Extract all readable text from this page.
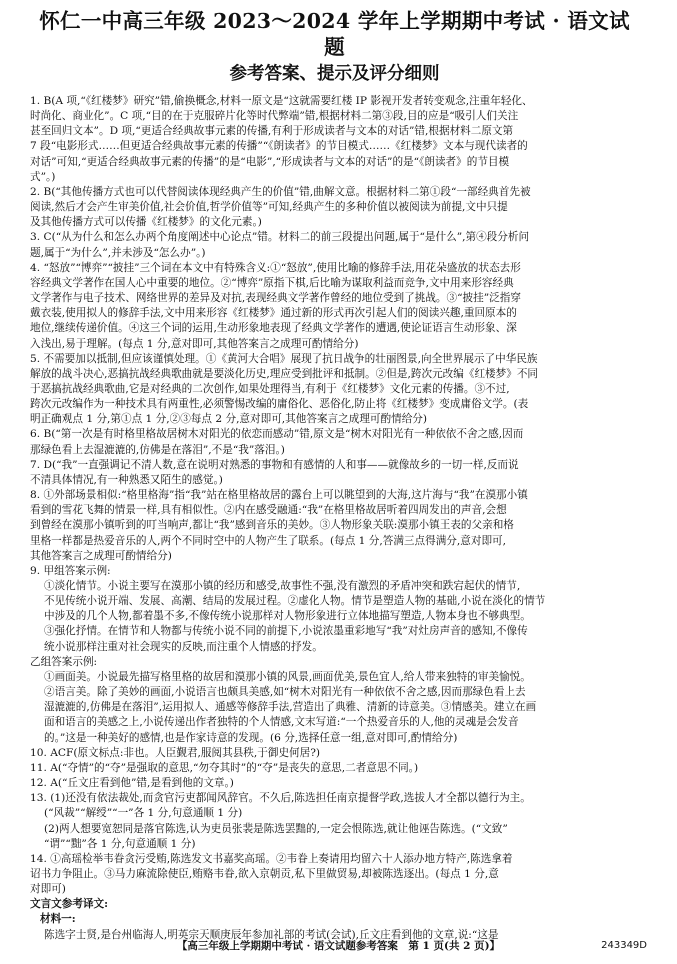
怀仁一中高三年级 2023～2024 学年上学期期中考试 · 语文试题
参考答案、提示及评分细则
1. B(A 项,“《红楼梦》研究”错,偷换概念,材料一原文是“这就需要红楼 IP 影视开发者转变观念,注重年轻化、
时尚化、商业化”。C 项,“目的在于克服碎片化等时代弊端”错,根据材料二第③段,目的应是“吸引人们关注
甚至回归文本”。D 项,“更适合经典故事元素的传播,有利于形成读者与文本的对话”错,根据材料二原文第
7 段“电影形式……但更适合经典故事元素的传播”“《朗读者》的节目模式……《红楼梦》文本与现代读者的
对话”可知,“更适合经典故事元素的传播”的是“电影”,“形成读者与文本的对话”的是“《朗读者》的节目模
式”。)
2. B(“其他传播方式也可以代替阅读体现经典产生的价值”错,曲解文意。根据材料二第①段“一部经典首先被
阅读,然后才会产生审美价值,社会价值,哲学价值等”可知,经典产生的多种价值以被阅读为前提,文中只提
及其他传播方式可以传播《红楼梦》的文化元素。)
3. C(“从为什么和怎么办两个角度阐述中心论点”错。材料二的前三段提出问题,属于“是什么”,第④段分析问
题,属于“为什么”,并未涉及“怎么办”。)
4. “怒放”“博弈”“披挂”三个词在本文中有特殊含义:①“怒放”,使用比喻的修辞手法,用花朵盛放的状态去形
容经典文学著作在国人心中重要的地位。②“博弈”原指下棋,后比喻为谋取利益而竞争,文中用来形容经典
文学著作与电子技术、网络世界的差异及对抗,表现经典文学著作曾经的地位受到了挑战。③“披挂”泛指穿
戴衣装,使用拟人的修辞手法,文中用来形容《红楼梦》通过新的形式再次引起人们的阅读兴趣,重回原本的
地位,继续传递价值。④这三个词的运用,生动形象地表现了经典文学著作的遭遇,使论证语言生动形象、深
入浅出,易于理解。(每点 1 分,意对即可,其他答案言之成理可酌情给分)
5. 不需要加以抵制,但应该谨慎处理。①《黄河大合唱》展现了抗日战争的壮丽图景,向全世界展示了中华民族
解放的战斗决心,恶搞抗战经典歌曲就是要淡化历史,理应受到批评和抵制。②但是,跨次元改编《红楼梦》不同
于恶搞抗战经典歌曲,它是对经典的二次创作,如果处理得当,有利于《红楼梦》文化元素的传播。③不过,
跨次元改编作为一种技术具有两重性,必须警惕改编的庸俗化、恶俗化,防止将《红楼梦》变成庸俗文学。(表
明正确观点 1 分,第①点 1 分,②③每点 2 分,意对即可,其他答案言之成理可酌情给分)
6. B(“第一次是有时格里格故居树木对阳光的依恋而感动”错,原文是“树木对阳光有一种依依不舍之感,因而
那绿色看上去湿漉漉的,仿佛是在落泪”,不是“我”落泪。)
7. D(“我”一直强调记不清人数,意在说明对熟悉的事物和有感情的人和事——就像故乡的一切一样,反而说
不清具体情况,有一种熟悉又陌生的感觉。)
8. ①外部场景相似:“格里格海”指“我”站在格里格故居的露台上可以眺望到的大海,这片海与“我”在漠那小镇
看到的雪花飞舞的情景一样,具有相似性。②内在感受融通:“我”在格里格故居听着四周发出的声音,会想
到曾经在漠那小镇听到的叮当响声,都让“我”感到音乐的美妙。③人物形象关联:漠那小镇王表的父亲和格
里格一样都是热爱音乐的人,两个不同时空中的人物产生了联系。(每点 1 分,答满三点得满分,意对即可,
其他答案言之成理可酌情给分)
9. 甲组答案示例:
①淡化情节。小说主要写在漠那小镇的经历和感受,故事性不强,没有激烈的矛盾冲突和跌宕起伏的情节,
不见传统小说开端、发展、高潮、结局的发展过程。②虚化人物。情节是塑造人物的基础,小说在淡化的情节
中涉及的几个人物,都着墨不多,不像传统小说那样对人物形象进行立体地描写塑造,人物本身也不够典型。
③强化抒情。在情节和人物都与传统小说不同的前提下,小说浓墨重彩地写“我”对灶房声音的感知,不像传
统小说那样注重对社会现实的反映,而注重个人情感的抒发。
乙组答案示例:
①画面美。小说最先描写格里格的故居和漠那小镇的风景,画面优美,景色宜人,给人带来独特的审美愉悦。
②语言美。除了美妙的画面,小说语言也颇具美感,如“树木对阳光有一种依依不舍之感,因而那绿色看上去
湿漉漉的,仿佛是在落泪”,运用拟人、通感等修辞手法,营造出了典雅、清新的诗意美。③情感美。建立在画
面和语言的美感之上,小说传递出作者独特的个人情感,文末写道:“一个热爱音乐的人,他的灵魂是会发音
的。”这是一种美好的感情,也是作家诗意的发现。(6 分,选择任意一组,意对即可,酌情给分)
10. ACF(原文标点:非也。人臣觐君,服阅其县秩,于御史何居?)
11. A(“夺情”的“夺”是强取的意思,“勿夺其时”的“夺”是丧失的意思,二者意思不同。)
12. A(“丘文庄看到他”错,是看到他的文章。)
13. (1)还没有依法裁处,而贪官污吏都闻风辞官。不久后,陈选担任南京提督学政,选拔人才全都以德行为主。
(“风裁”“解绶”“一”各 1 分,句意通顺 1 分)
(2)两人想要宽恕同是落官陈选,认为吏员张裴是陈选罢黜的,一定会恨陈选,就让他诬告陈选。(“文致”
“谓”“黜”各 1 分,句意通顺 1 分)
14. ①高瑶检举韦眷贪污受贿,陈选发文书嘉奖高瑶。②韦眷上奏请用均留六十人添办地方特产,陈选拿着
诏书力争阻止。③马力麻流除使臣,贿赂韦眷,欲入京朝贡,私下里做贸易,却被陈选逐出。(每点 1 分,意
对即可)
文言文参考译文:
材料一:
陈选字士贤,是台州临海人,明英宗天顺庚辰年参加礼部的考试(会试),丘文庄看到他的文章,说:“这是
【高三年级上学期期中考试 · 语文试题参考答案　第 1 页(共 2 页)】	243349D
